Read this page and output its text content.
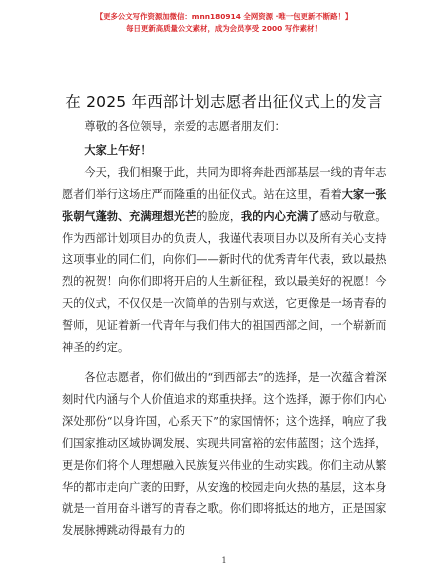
【更多公文写作资源加微信：mnn180914 全网资源 ·唯一包更新不断路！】
每日更新高质量公文素材，成为会员享受 2000 写作素材！
在 2025 年西部计划志愿者出征仪式上的发言

尊敬的各位领导，亲爱的志愿者朋友们：

大家上午好！

今天，我们相聚于此，共同为即将奔赴西部基层一线的青年志愿者们举行这场庄严而隆重的出征仪式。站在这里，看着大家一张张朝气蓬勃、充满理想光芒的脸庞，我的内心充满了感动与敬意。作为西部计划项目办的负责人，我谨代表项目办以及所有关心支持这项事业的同仁们，向你们——新时代的优秀青年代表，致以最热烈的祝贺！向你们即将开启的人生新征程，致以最美好的祝愿！今天的仪式，不仅仅是一次简单的告别与欢送，它更像是一场青春的誓师，见证着新一代青年与我们伟大的祖国西部之间，一个崭新而神圣的约定。

各位志愿者，你们做出的“到西部去”的选择，是一次蕴含着深刻时代内涵与个人价值追求的郑重抉择。这个选择，源于你们内心深处那份“以身许国，心系天下”的家国情怀；这个选择，响应了我们国家推动区域协调发展、实现共同富裕的宏伟蓝图；这个选择，更是你们将个人理想融入民族复兴伟业的生动实践。你们主动从繁华的都市走向广袤的田野，从安逸的校园走向火热的基层，这本身就是一首用奋斗谱写的青春之歌。你们即将抵达的地方，正是国家发展脉搏跳动得最有力的

1
